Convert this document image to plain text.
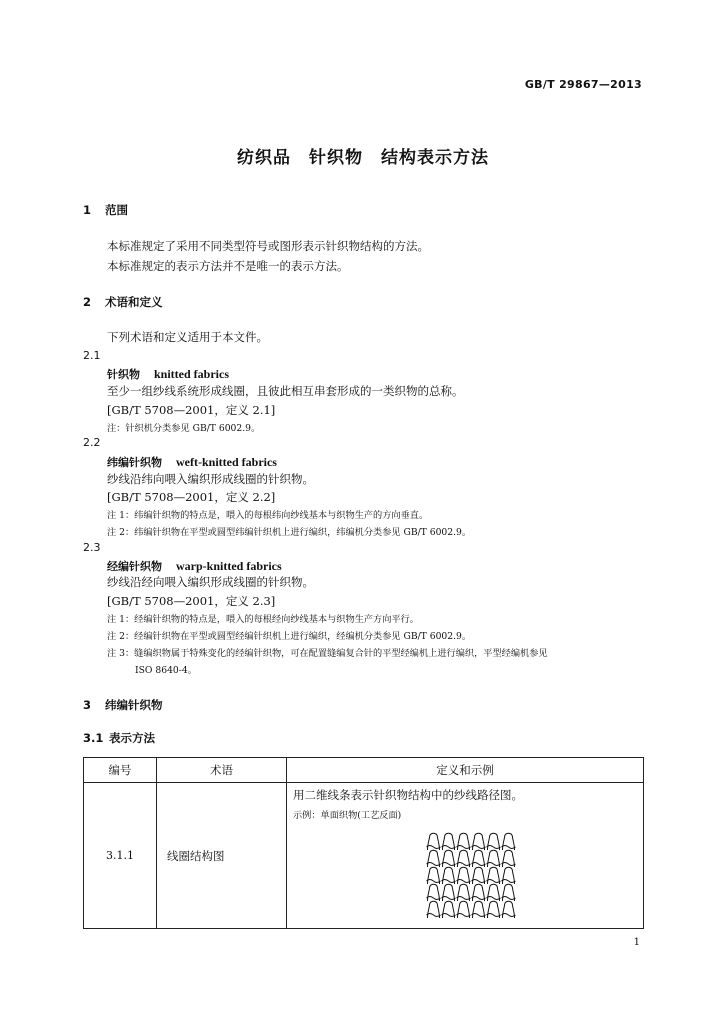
GB/T 29867—2013
纺织品　针织物　结构表示方法
1 范围
本标准规定了采用不同类型符号或图形表示针织物结构的方法。
本标准规定的表示方法并不是唯一的表示方法。
2 术语和定义
下列术语和定义适用于本文件。
2.1
针织物 knitted fabrics
至少一组纱线系统形成线圈，且彼此相互串套形成的一类织物的总称。
[GB/T 5708—2001，定义 2.1]
注：针织机分类参见 GB/T 6002.9。
2.2
纬编针织物 weft-knitted fabrics
纱线沿纬向喂入编织形成线圈的针织物。
[GB/T 5708—2001，定义 2.2]
注 1：纬编针织物的特点是，喂入的每根纬向纱线基本与织物生产的方向垂直。
注 2：纬编针织物在平型或圆型纬编针织机上进行编织，纬编机分类参见 GB/T 6002.9。
2.3
经编针织物 warp-knitted fabrics
纱线沿经向喂入编织形成线圈的针织物。
[GB/T 5708—2001，定义 2.3]
注 1：经编针织物的特点是，喂入的每根经向纱线基本与织物生产方向平行。
注 2：经编针织物在平型或圆型经编针织机上进行编织，经编机分类参见 GB/T 6002.9。
注 3：缝编织物属于特殊变化的经编针织物，可在配置缝编复合针的平型经编机上进行编织，平型经编机参见
ISO 8640-4。
3 纬编针织物
3.1 表示方法
编号	术语	定义和示例
3.1.1	线圈结构图	用二维线条表示针织物结构中的纱线路径图。
示例：单面织物(工艺反面)
1
